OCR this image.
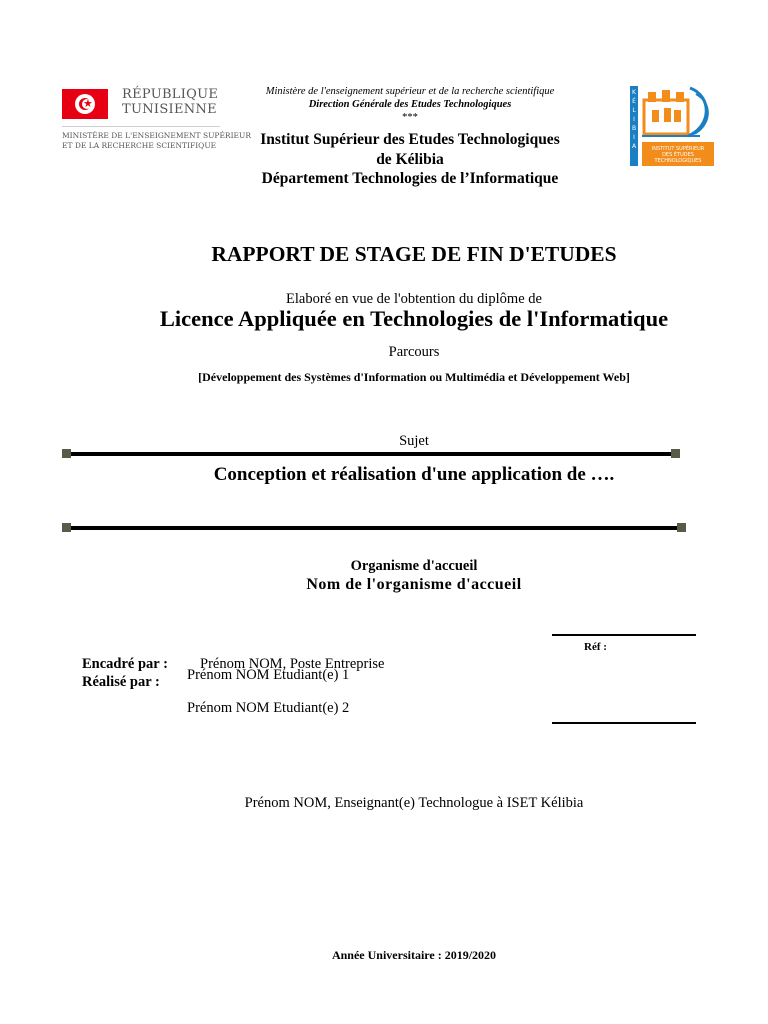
★
RÉPUBLIQUE
TUNISIENNE
MINISTÈRE DE L'ENSEIGNEMENT SUPÉRIEUR
ET DE LA RECHERCHE SCIENTIFIQUE
K
É
L
I
B
I
A	INSTITUT SUPÉRIEUR
DES ÉTUDES
TECHNOLOGIQUES
Ministère de l'enseignement supérieur et de la recherche scientifique
Direction Générale des Etudes Technologiques
***
Institut Supérieur des Etudes Technologiques
de Kélibia
Département Technologies de l’Informatique
RAPPORT DE STAGE DE FIN D'ETUDES
Elaboré en vue de l'obtention du diplôme de
Licence Appliquée en Technologies de l'Informatique
Parcours
[Développement des Systèmes d'Information ou Multimédia et Développement Web]
Sujet
Conception et réalisation d'une application de ….
Organisme d'accueil
Nom de l'organisme d'accueil
Réf :
Encadré par : Prénom NOM, Poste Entreprise
Réalisé par : Prénom NOM Etudiant(e) 1
Prénom NOM Etudiant(e) 2
Prénom NOM, Enseignant(e) Technologue à ISET Kélibia
Année Universitaire : 2019/2020
